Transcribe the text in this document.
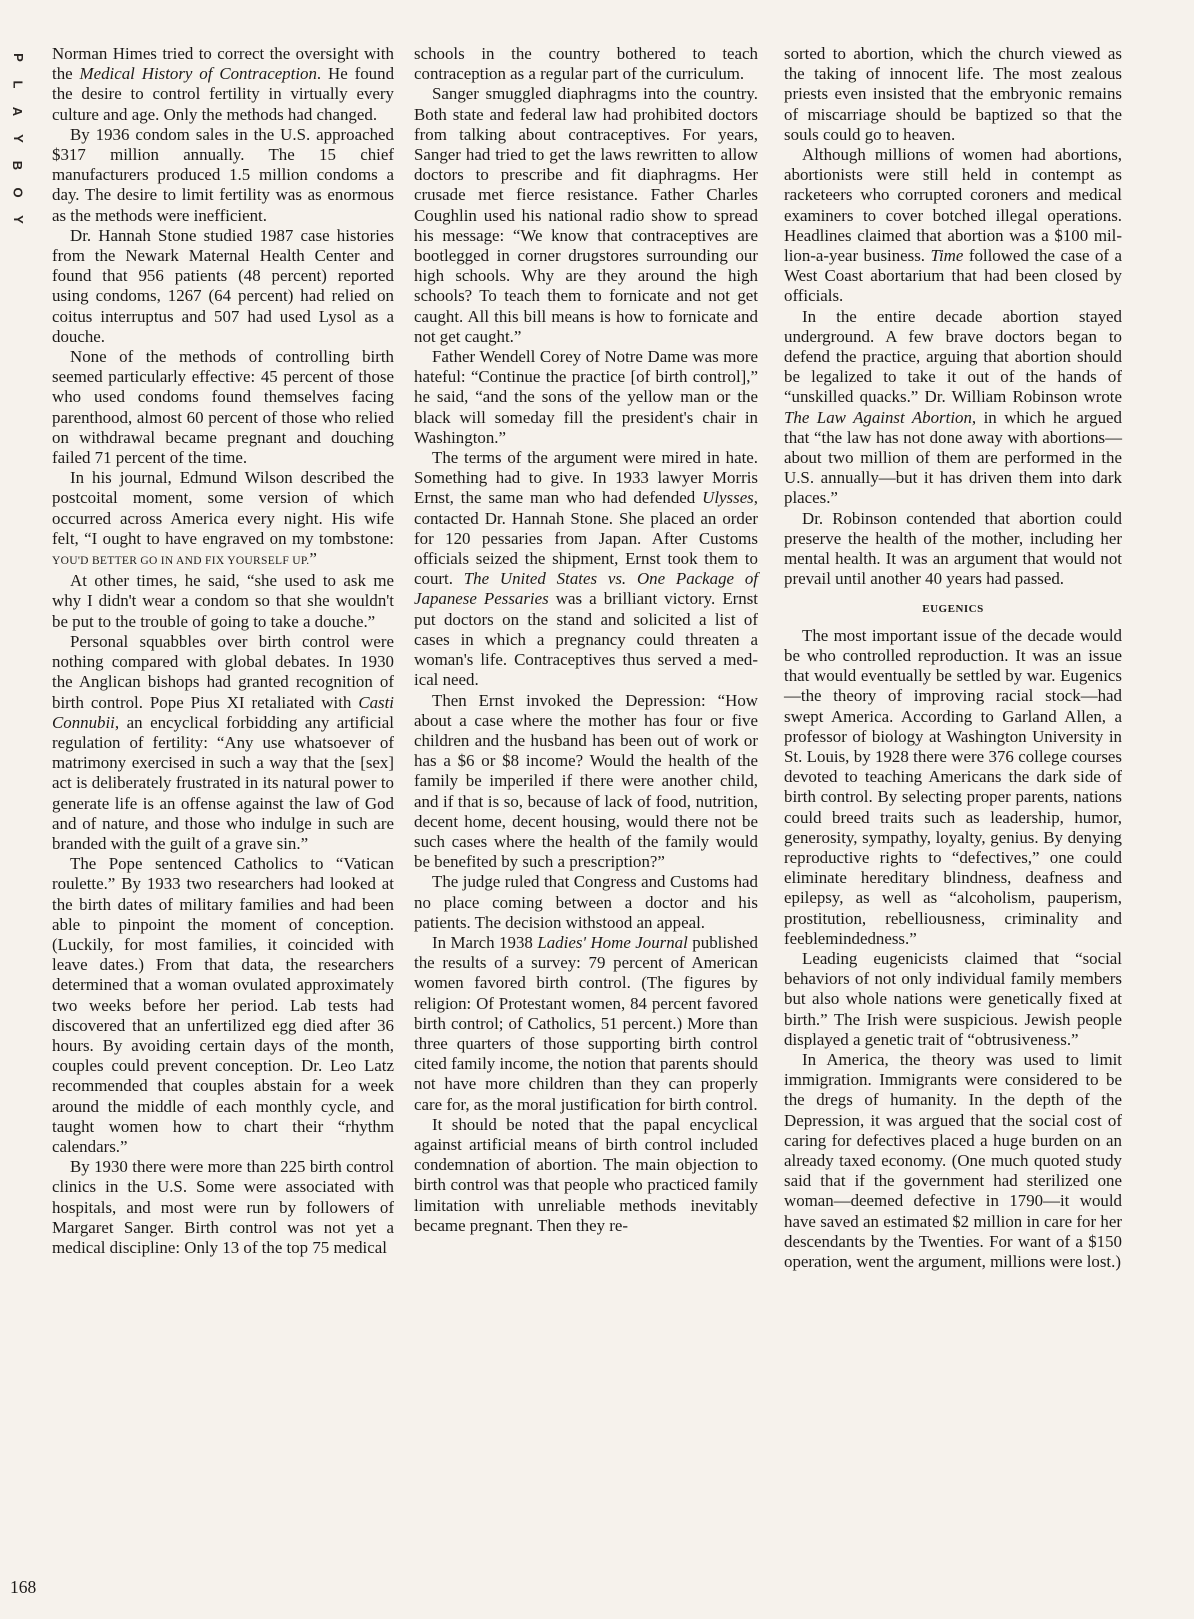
P
L
A
Y
B
O
Y
168

Norman Himes tried to correct the oversight with the Medical History of Contraception. He found the desire to control fertility in virtually every culture and age. Only the methods had changed.

By 1936 condom sales in the U.S. approached $317 million annually. The 15 chief manufacturers produced 1.5 million condoms a day. The desire to limit fertility was as enormous as the methods were inefficient.

Dr. Hannah Stone studied 1987 case histories from the Newark Maternal Health Center and found that 956 patients (48 percent) reported using condoms, 1267 (64 percent) had relied on coitus interruptus and 507 had used Lysol as a douche.

None of the methods of controlling birth seemed particularly effective: 45 percent of those who used condoms found themselves facing parenthood, almost 60 percent of those who relied on withdrawal became pregnant and douching failed 71 percent of the time.

In his journal, Edmund Wilson described the postcoital moment, some version of which occurred across America every night. His wife felt, “I ought to have engraved on my tombstone: YOU'D BETTER GO IN AND FIX YOURSELF UP.”

At other times, he said, “she used to ask me why I didn't wear a condom so that she wouldn't be put to the trouble of going to take a douche.”

Personal squabbles over birth control were nothing compared with global debates. In 1930 the Anglican bishops had granted recognition of birth control. Pope Pius XI retaliated with Casti Connubii, an encyclical forbidding any artificial regulation of fertility: “Any use whatsoever of matrimony exercised in such a way that the [sex] act is deliberately frustrated in its natural power to generate life is an offense against the law of God and of nature, and those who indulge in such are branded with the guilt of a grave sin.”

The Pope sentenced Catholics to “Vatican roulette.” By 1933 two researchers had looked at the birth dates of military families and had been able to pinpoint the moment of conception. (Luckily, for most families, it coincided with leave dates.) From that data, the researchers determined that a woman ovulated approximately two weeks before her period. Lab tests had discovered that an unfertilized egg died after 36 hours. By avoiding certain days of the month, couples could prevent conception. Dr. Leo Latz recommended that couples abstain for a week around the middle of each monthly cycle, and taught women how to chart their “rhythm calendars.”

By 1930 there were more than 225 birth control clinics in the U.S. Some were associated with hospitals, and most were run by followers of Margaret Sanger. Birth control was not yet a medical discipline: Only 13 of the top 75 medical

schools in the country bothered to teach contraception as a regular part of the curriculum.

Sanger smuggled diaphragms into the country. Both state and federal law had prohibited doctors from talking about contraceptives. For years, Sanger had tried to get the laws rewritten to allow doctors to prescribe and fit diaphragms. Her crusade met fierce resistance. Father Charles Coughlin used his national radio show to spread his message: “We know that contraceptives are bootlegged in corner drugstores surrounding our high schools. Why are they around the high schools? To teach them to fornicate and not get caught. All this bill means is how to fornicate and not get caught.”

Father Wendell Corey of Notre Dame was more hateful: “Continue the practice [of birth control],” he said, “and the sons of the yellow man or the black will someday fill the president's chair in Washington.”

The terms of the argument were mired in hate. Something had to give. In 1933 lawyer Morris Ernst, the same man who had defended Ulysses, contacted Dr. Hannah Stone. She placed an order for 120 pessaries from Japan. After Customs officials seized the shipment, Ernst took them to court. The United States vs. One Package of Japanese Pessaries was a brilliant victory. Ernst put doctors on the stand and solicited a list of cases in which a pregnancy could threaten a woman's life. Contraceptives thus served a medical need.

Then Ernst invoked the Depression: “How about a case where the mother has four or five children and the husband has been out of work or has a $6 or $8 income? Would the health of the family be imperiled if there were another child, and if that is so, because of lack of food, nutrition, decent home, decent housing, would there not be such cases where the health of the family would be benefited by such a prescription?”

The judge ruled that Congress and Customs had no place coming between a doctor and his patients. The decision withstood an appeal.

In March 1938 Ladies' Home Journal published the results of a survey: 79 percent of American women favored birth control. (The figures by religion: Of Protestant women, 84 percent favored birth control; of Catholics, 51 percent.) More than three quarters of those supporting birth control cited family income, the notion that parents should not have more children than they can properly care for, as the moral justification for birth control.

It should be noted that the papal encyclical against artificial means of birth control included condemnation of abortion. The main objection to birth control was that people who practiced family limitation with unreliable methods inevitably became pregnant. Then they re-

sorted to abortion, which the church viewed as the taking of innocent life. The most zealous priests even insisted that the embryonic remains of miscarriage should be baptized so that the souls could go to heaven.

Although millions of women had abortions, abortionists were still held in contempt as racketeers who corrupted coroners and medical examiners to cover botched illegal operations. Headlines claimed that abortion was a $100 million-a-year business. Time followed the case of a West Coast abortarium that had been closed by officials.

In the entire decade abortion stayed underground. A few brave doctors began to defend the practice, arguing that abortion should be legalized to take it out of the hands of “unskilled quacks.” Dr. William Robinson wrote The Law Against Abortion, in which he argued that “the law has not done away with abortions—about two million of them are performed in the U.S. annually—but it has driven them into dark places.”

Dr. Robinson contended that abortion could preserve the health of the mother, including her mental health. It was an argument that would not prevail until another 40 years had passed.

EUGENICS

The most important issue of the decade would be who controlled reproduction. It was an issue that would eventually be settled by war. Eugenics—the theory of improving racial stock—had swept America. According to Garland Allen, a professor of biology at Washington University in St. Louis, by 1928 there were 376 college courses devoted to teaching Americans the dark side of birth control. By selecting proper parents, nations could breed traits such as leadership, humor, generosity, sympathy, loyalty, genius. By denying reproductive rights to “defectives,” one could eliminate hereditary blindness, deafness and epilepsy, as well as “alcoholism, pauperism, prostitution, rebelliousness, criminality and feeblemindedness.”

Leading eugenicists claimed that “social behaviors of not only individual family members but also whole nations were genetically fixed at birth.” The Irish were suspicious. Jewish people displayed a genetic trait of “obtrusiveness.”

In America, the theory was used to limit immigration. Immigrants were considered to be the dregs of humanity. In the depth of the Depression, it was argued that the social cost of caring for defectives placed a huge burden on an already taxed economy. (One much quoted study said that if the government had sterilized one woman—deemed defective in 1790—it would have saved an estimated $2 million in care for her descendants by the Twenties. For want of a $150 operation, went the argument, millions were lost.)
